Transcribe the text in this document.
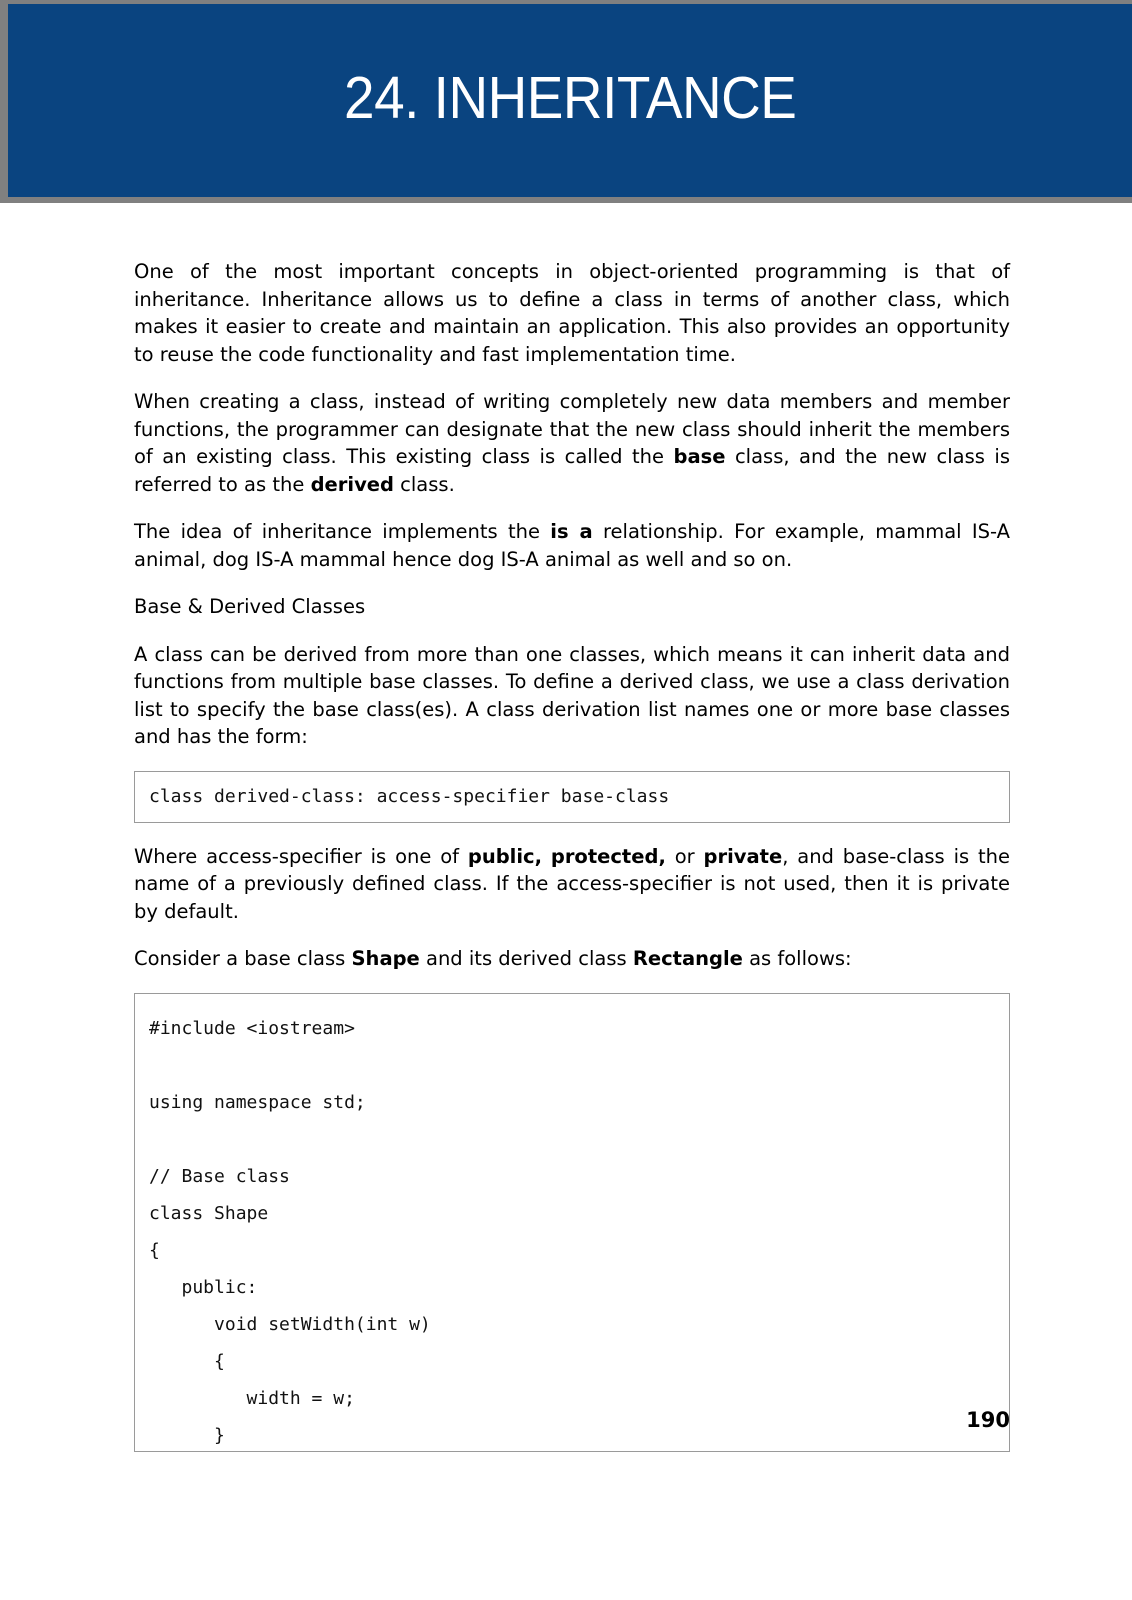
24. INHERITANCE

One of the most important concepts in object-oriented programming is that of inheritance. Inheritance allows us to define a class in terms of another class, which makes it easier to create and maintain an application. This also provides an opportunity to reuse the code functionality and fast implementation time.

When creating a class, instead of writing completely new data members and member functions, the programmer can designate that the new class should inherit the members of an existing class. This existing class is called the base class, and the new class is referred to as the derived class.

The idea of inheritance implements the is a relationship. For example, mammal IS-A animal, dog IS-A mammal hence dog IS-A animal as well and so on.

Base & Derived Classes

A class can be derived from more than one classes, which means it can inherit data and functions from multiple base classes. To define a derived class, we use a class derivation list to specify the base class(es). A class derivation list names one or more base classes and has the form:

class derived-class: access-specifier base-class

Where access-specifier is one of public, protected, or private, and base-class is the name of a previously defined class. If the access-specifier is not used, then it is private by default.

Consider a base class Shape and its derived class Rectangle as follows:

#include <iostream>
using namespace std;
// Base class
class Shape
{
public:
void setWidth(int w)
{
width = w;
}
190
